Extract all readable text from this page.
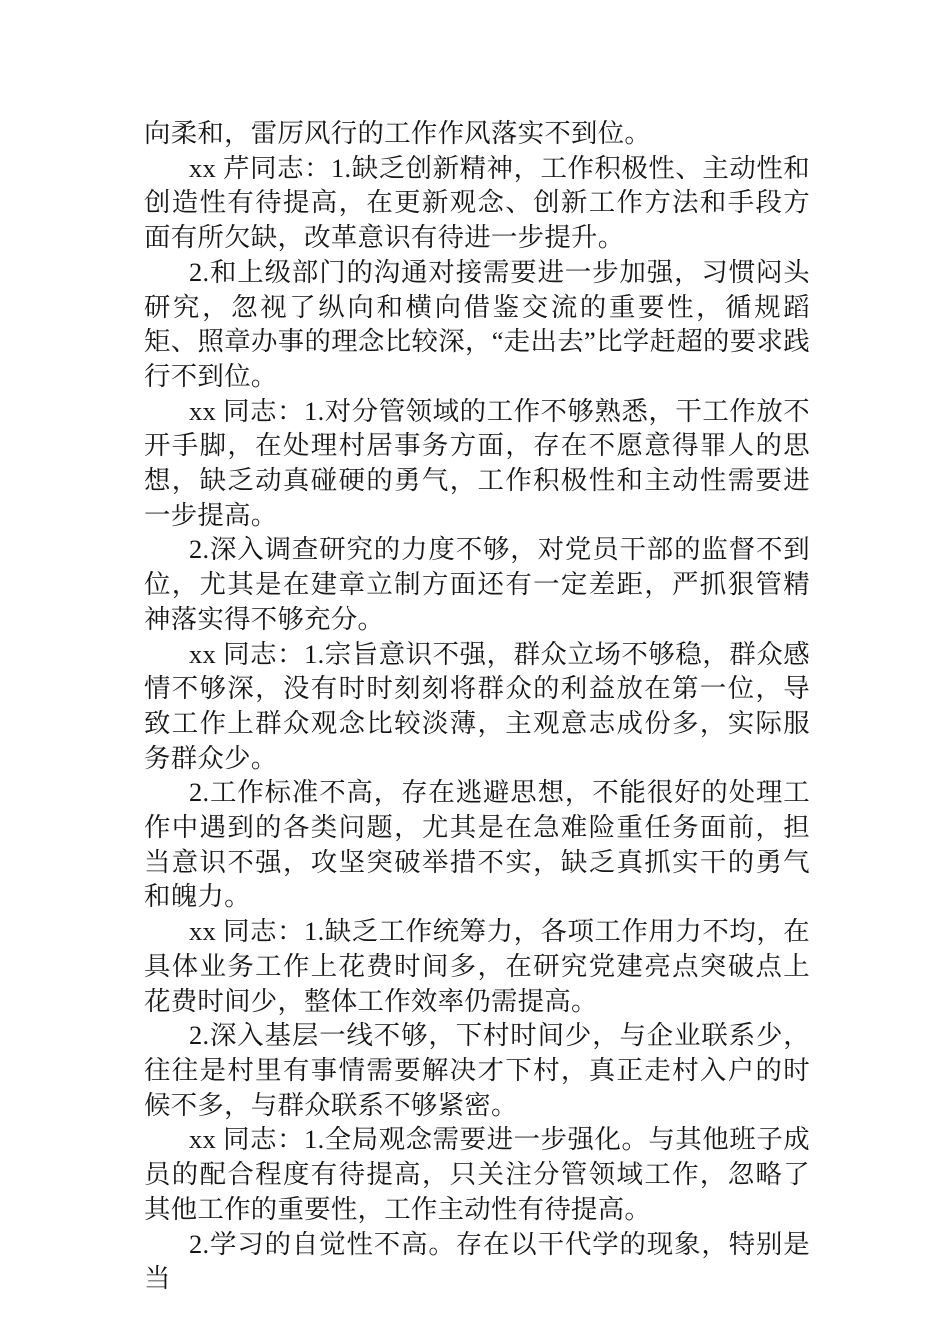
向柔和，雷厉风行的工作作风落实不到位。

xx 芹同志：1.缺乏创新精神，工作积极性、主动性和创造性有待提高，在更新观念、创新工作方法和手段方面有所欠缺，改革意识有待进一步提升。

2.和上级部门的沟通对接需要进一步加强，习惯闷头研究，忽视了纵向和横向借鉴交流的重要性，循规蹈矩、照章办事的理念比较深，“走出去”比学赶超的要求践行不到位。

xx 同志：1.对分管领域的工作不够熟悉，干工作放不开手脚，在处理村居事务方面，存在不愿意得罪人的思想，缺乏动真碰硬的勇气，工作积极性和主动性需要进一步提高。

2.深入调查研究的力度不够，对党员干部的监督不到位，尤其是在建章立制方面还有一定差距，严抓狠管精神落实得不够充分。

xx 同志：1.宗旨意识不强，群众立场不够稳，群众感情不够深，没有时时刻刻将群众的利益放在第一位，导致工作上群众观念比较淡薄，主观意志成份多，实际服务群众少。

2.工作标准不高，存在逃避思想，不能很好的处理工作中遇到的各类问题，尤其是在急难险重任务面前，担当意识不强，攻坚突破举措不实，缺乏真抓实干的勇气和魄力。

xx 同志：1.缺乏工作统筹力，各项工作用力不均，在具体业务工作上花费时间多，在研究党建亮点突破点上花费时间少，整体工作效率仍需提高。

2.深入基层一线不够，下村时间少，与企业联系少，往往是村里有事情需要解决才下村，真正走村入户的时候不多，与群众联系不够紧密。

xx 同志：1.全局观念需要进一步强化。与其他班子成员的配合程度有待提高，只关注分管领域工作，忽略了其他工作的重要性，工作主动性有待提高。

2.学习的自觉性不高。存在以干代学的现象，特别是当
